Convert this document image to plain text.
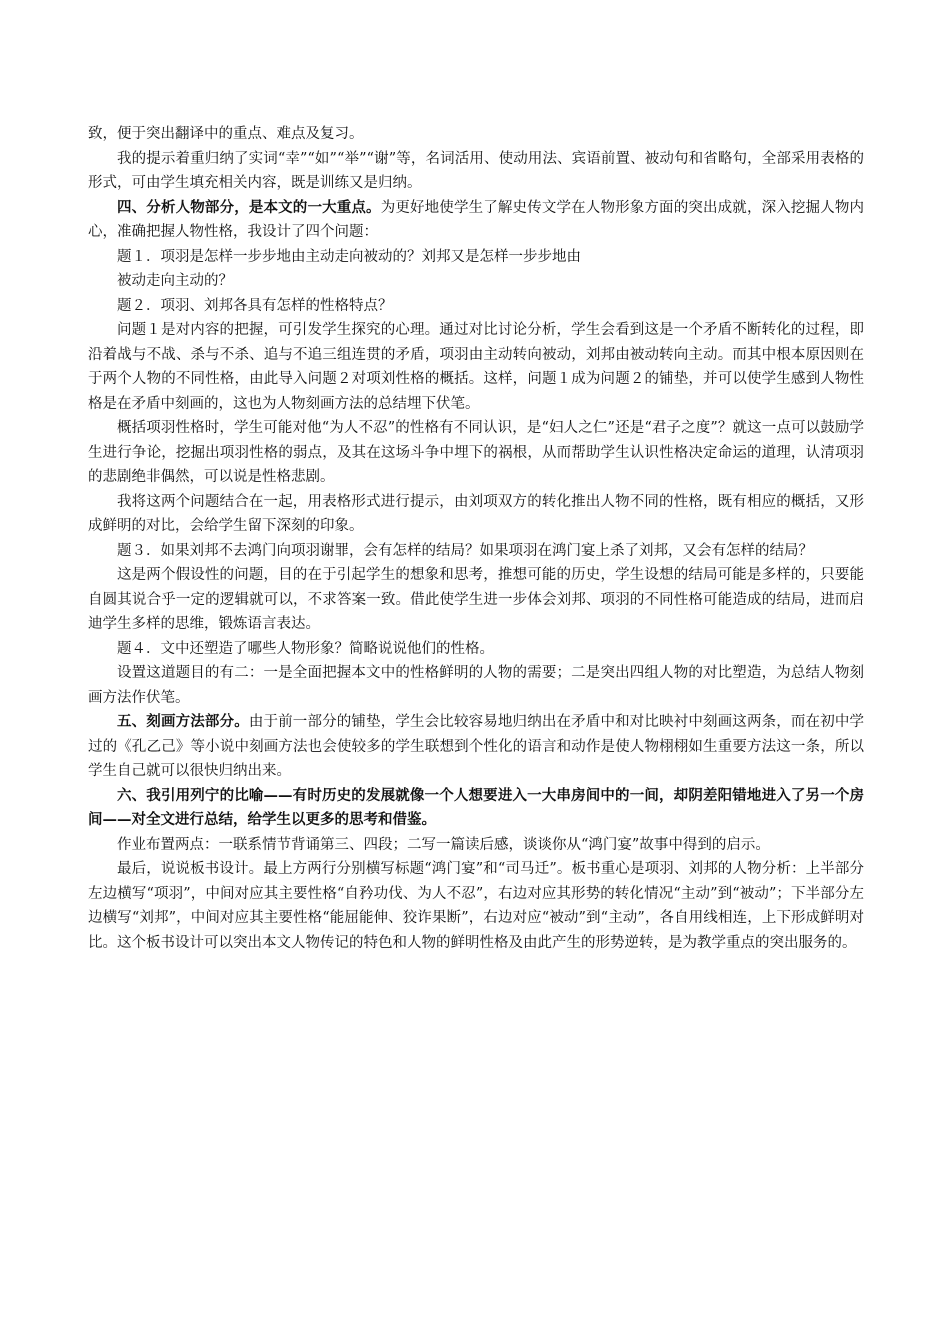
致，便于突出翻译中的重点、难点及复习。

我的提示着重归纳了实词“幸”“如”“举”“谢”等，名词活用、使动用法、宾语前置、被动句和省略句，全部采用表格的形式，可由学生填充相关内容，既是训练又是归纳。

四、分析人物部分，是本文的一大重点。为更好地使学生了解史传文学在人物形象方面的突出成就，深入挖掘人物内心，准确把握人物性格，我设计了四个问题：

题１．项羽是怎样一步步地由主动走向被动的？刘邦又是怎样一步步地由

被动走向主动的？

题２．项羽、刘邦各具有怎样的性格特点？

问题１是对内容的把握，可引发学生探究的心理。通过对比讨论分析，学生会看到这是一个矛盾不断转化的过程，即沿着战与不战、杀与不杀、追与不追三组连贯的矛盾，项羽由主动转向被动，刘邦由被动转向主动。而其中根本原因则在于两个人物的不同性格，由此导入问题２对项刘性格的概括。这样，问题１成为问题２的铺垫，并可以使学生感到人物性格是在矛盾中刻画的，这也为人物刻画方法的总结埋下伏笔。

概括项羽性格时，学生可能对他“为人不忍”的性格有不同认识，是“妇人之仁”还是“君子之度”？就这一点可以鼓励学生进行争论，挖掘出项羽性格的弱点，及其在这场斗争中埋下的祸根，从而帮助学生认识性格决定命运的道理，认清项羽的悲剧绝非偶然，可以说是性格悲剧。

我将这两个问题结合在一起，用表格形式进行提示，由刘项双方的转化推出人物不同的性格，既有相应的概括，又形成鲜明的对比，会给学生留下深刻的印象。

题３．如果刘邦不去鸿门向项羽谢罪，会有怎样的结局？如果项羽在鸿门宴上杀了刘邦，又会有怎样的结局？

这是两个假设性的问题，目的在于引起学生的想象和思考，推想可能的历史，学生设想的结局可能是多样的，只要能自圆其说合乎一定的逻辑就可以，不求答案一致。借此使学生进一步体会刘邦、项羽的不同性格可能造成的结局，进而启迪学生多样的思维，锻炼语言表达。

题４．文中还塑造了哪些人物形象？简略说说他们的性格。

设置这道题目的有二：一是全面把握本文中的性格鲜明的人物的需要；二是突出四组人物的对比塑造，为总结人物刻画方法作伏笔。

五、刻画方法部分。由于前一部分的铺垫，学生会比较容易地归纳出在矛盾中和对比映衬中刻画这两条，而在初中学过的《孔乙己》等小说中刻画方法也会使较多的学生联想到个性化的语言和动作是使人物栩栩如生重要方法这一条，所以学生自己就可以很快归纳出来。

六、我引用列宁的比喻——有时历史的发展就像一个人想要进入一大串房间中的一间，却阴差阳错地进入了另一个房间——对全文进行总结，给学生以更多的思考和借鉴。

作业布置两点：一联系情节背诵第三、四段；二写一篇读后感，谈谈你从“鸿门宴”故事中得到的启示。

最后，说说板书设计。最上方两行分别横写标题“鸿门宴”和“司马迁”。板书重心是项羽、刘邦的人物分析：上半部分左边横写“项羽”，中间对应其主要性格“自矜功伐、为人不忍”，右边对应其形势的转化情况“主动”到“被动”；下半部分左边横写“刘邦”，中间对应其主要性格“能屈能伸、狡诈果断”，右边对应“被动”到“主动”，各自用线相连，上下形成鲜明对比。这个板书设计可以突出本文人物传记的特色和人物的鲜明性格及由此产生的形势逆转，是为教学重点的突出服务的。
